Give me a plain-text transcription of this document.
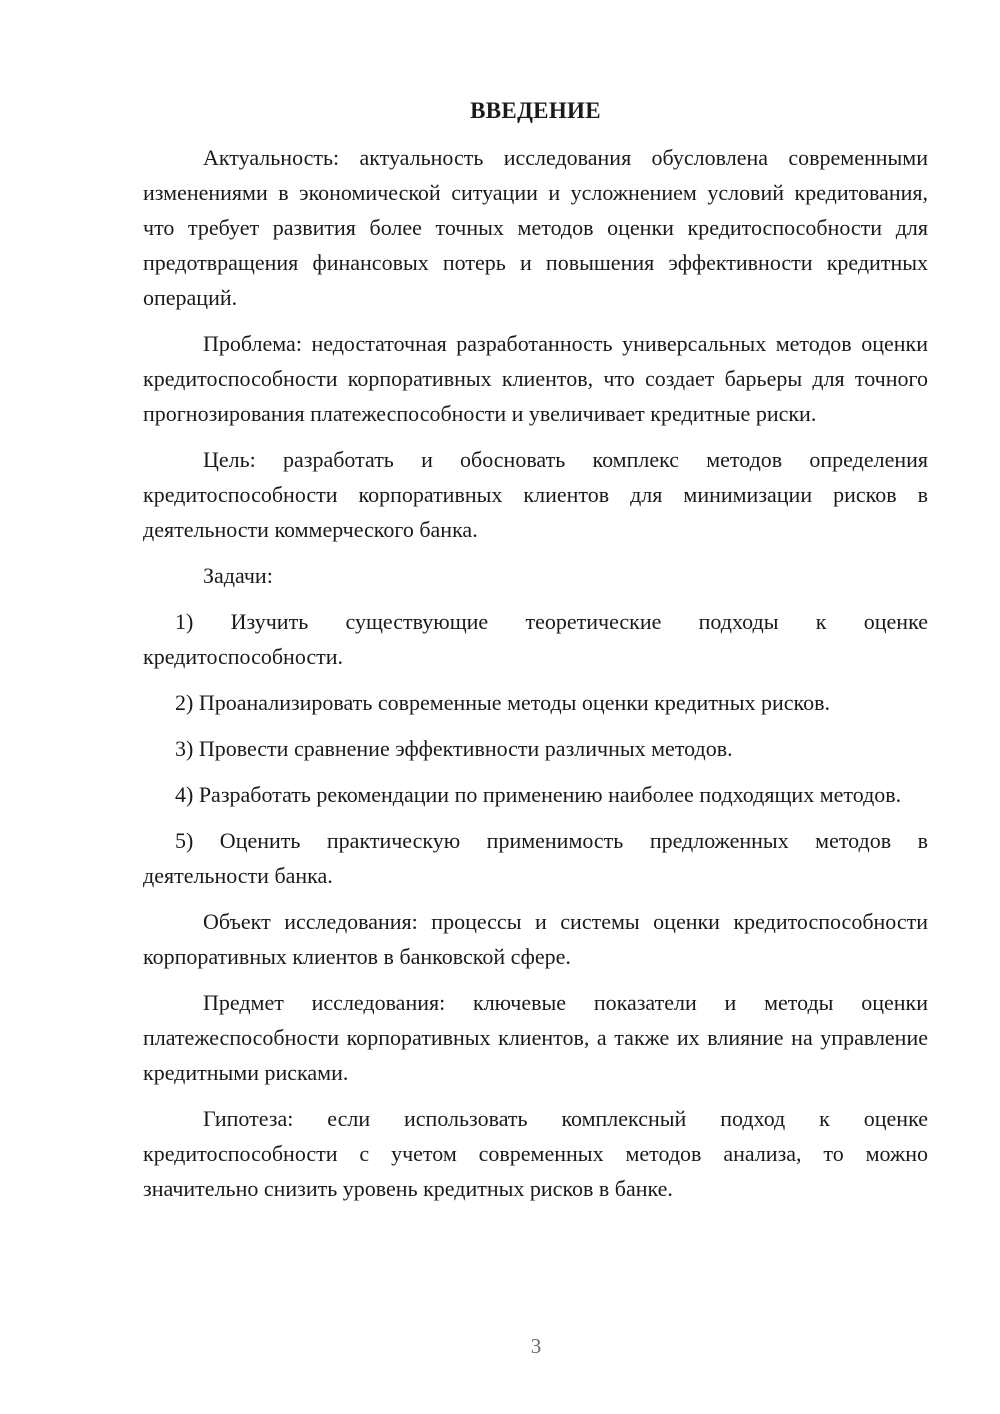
ВВЕДЕНИЕ

Актуальность: актуальность исследования обусловлена современными изменениями в экономической ситуации и усложнением условий кредитования, что требует развития более точных методов оценки кредитоспособности для предотвращения финансовых потерь и повышения эффективности кредитных операций.

Проблема: недостаточная разработанность универсальных методов оценки кредитоспособности корпоративных клиентов, что создает барьеры для точного прогнозирования платежеспособности и увеличивает кредитные риски.

Цель: разработать и обосновать комплекс методов определения кредитоспособности корпоративных клиентов для минимизации рисков в деятельности коммерческого банка.

Задачи:

1) Изучить существующие теоретические подходы к оценке кредитоспособности.

2) Проанализировать современные методы оценки кредитных рисков.

3) Провести сравнение эффективности различных методов.

4) Разработать рекомендации по применению наиболее подходящих методов.

5) Оценить практическую применимость предложенных методов в деятельности банка.

Объект исследования: процессы и системы оценки кредитоспособности корпоративных клиентов в банковской сфере.

Предмет исследования: ключевые показатели и методы оценки платежеспособности корпоративных клиентов, а также их влияние на управление кредитными рисками.

Гипотеза: если использовать комплексный подход к оценке кредитоспособности с учетом современных методов анализа, то можно значительно снизить уровень кредитных рисков в банке.

3
